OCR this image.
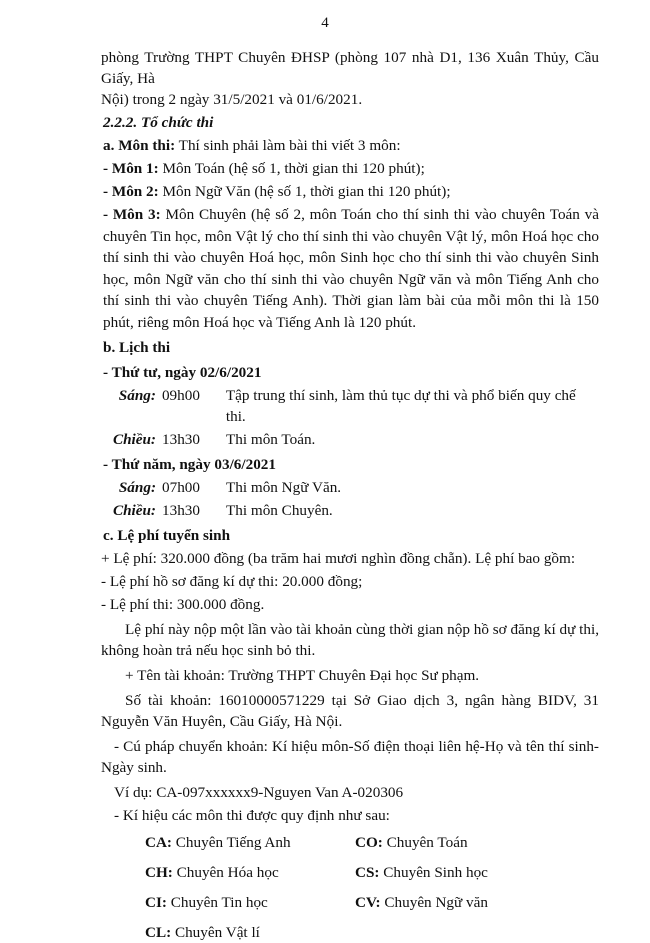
4
phòng Trường THPT Chuyên ĐHSP (phòng 107 nhà D1, 136 Xuân Thủy, Cầu Giấy, Hà
Nội) trong 2 ngày 31/5/2021 và 01/6/2021.
2.2.2. Tổ chức thi
a. Môn thi: Thí sinh phải làm bài thi viết 3 môn:
- Môn 1: Môn Toán (hệ số 1, thời gian thi 120 phút);
- Môn 2: Môn Ngữ Văn (hệ số 1, thời gian thi 120 phút);
- Môn 3: Môn Chuyên (hệ số 2, môn Toán cho thí sinh thi vào chuyên Toán và chuyên Tin học, môn Vật lý cho thí sinh thi vào chuyên Vật lý, môn Hoá học cho thí sinh thi vào chuyên Hoá học, môn Sinh học cho thí sinh thi vào chuyên Sinh học, môn Ngữ văn cho thí sinh thi vào chuyên Ngữ văn và môn Tiếng Anh cho thí sinh thi vào chuyên Tiếng Anh). Thời gian làm bài của mỗi môn thi là 150 phút, riêng môn Hoá học và Tiếng Anh là 120 phút.
b. Lịch thi
- Thứ tư, ngày 02/6/2021
Sáng: 09h00	Tập trung thí sinh, làm thủ tục dự thi và phổ biến quy chế thi.
Chiều: 13h30	Thi môn Toán.
- Thứ năm, ngày 03/6/2021
Sáng: 07h00	Thi môn Ngữ Văn.
Chiều: 13h30	Thi môn Chuyên.
c. Lệ phí tuyển sinh
+ Lệ phí: 320.000 đồng (ba trăm hai mươi nghìn đồng chẵn). Lệ phí bao gồm:
- Lệ phí hồ sơ đăng kí dự thi: 20.000 đồng;
- Lệ phí thi: 300.000 đồng.
Lệ phí này nộp một lần vào tài khoản cùng thời gian nộp hồ sơ đăng kí dự thi, không hoàn trả nếu học sinh bỏ thi.
+ Tên tài khoản: Trường THPT Chuyên Đại học Sư phạm.
Số tài khoản: 16010000571229 tại Sở Giao dịch 3, ngân hàng BIDV, 31 Nguyễn Văn Huyên, Cầu Giấy, Hà Nội.
- Cú pháp chuyển khoản: Kí hiệu môn-Số điện thoại liên hệ-Họ và tên thí sinh-Ngày sinh.
Ví dụ: CA-097xxxxxx9-Nguyen Van A-020306
- Kí hiệu các môn thi được quy định như sau:
CA: Chuyên Tiếng Anh	CO: Chuyên Toán
CH: Chuyên Hóa học	CS: Chuyên Sinh học
CI: Chuyên Tin học	CV: Chuyên Ngữ văn
CL: Chuyên Vật lí
